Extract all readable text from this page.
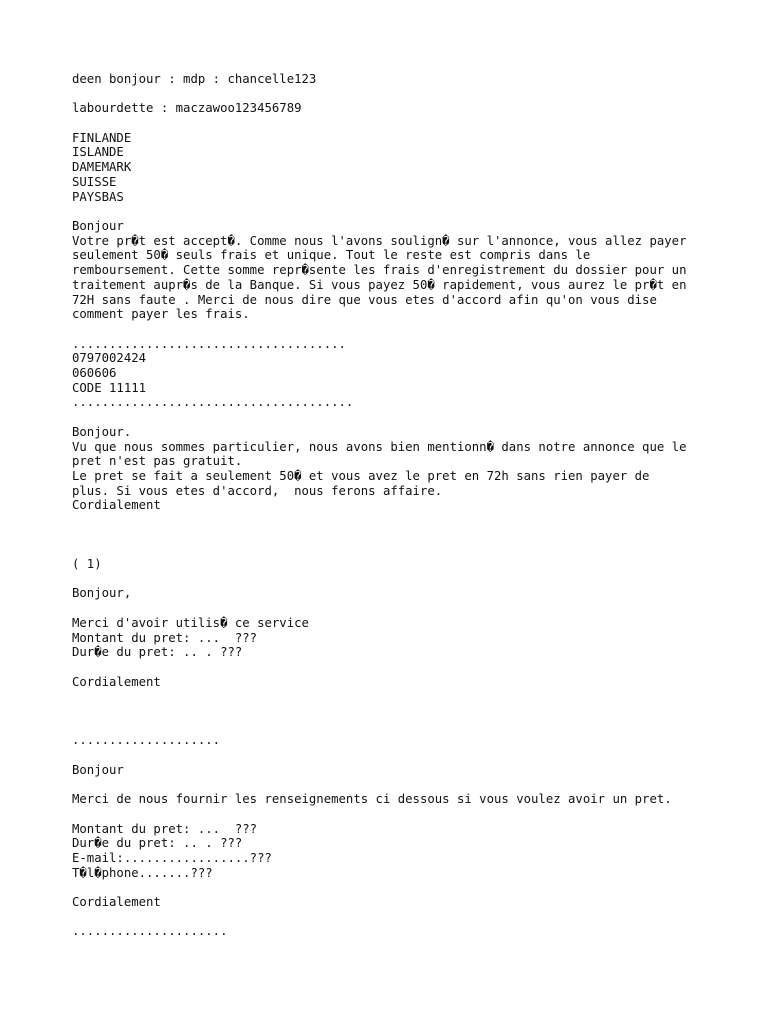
deen bonjour : mdp : chancelle123
labourdette : maczawoo123456789
FINLANDE
ISLANDE
DAMEMARK
SUISSE
PAYSBAS
Bonjour
Votre pr�t est accept�. Comme nous l'avons soulign� sur l'annonce, vous allez payer
seulement 50� seuls frais et unique. Tout le reste est compris dans le
remboursement. Cette somme repr�sente les frais d'enregistrement du dossier pour un
traitement aupr�s de la Banque. Si vous payez 50� rapidement, vous aurez le pr�t en
72H sans faute . Merci de nous dire que vous etes d'accord afin qu'on vous dise
comment payer les frais.
.....................................
0797002424
060606
CODE 11111
......................................
Bonjour.
Vu que nous sommes particulier, nous avons bien mentionn� dans notre annonce que le
pret n'est pas gratuit.
Le pret se fait a seulement 50� et vous avez le pret en 72h sans rien payer de
plus. Si vous etes d'accord,  nous ferons affaire.
Cordialement
( 1)
Bonjour,
Merci d'avoir utilis� ce service
Montant du pret: ...  ???
Dur�e du pret: .. . ???
Cordialement
....................
Bonjour
Merci de nous fournir les renseignements ci dessous si vous voulez avoir un pret.
Montant du pret: ...  ???
Dur�e du pret: .. . ???
E-mail:.................???
T�l�phone.......???
Cordialement
.....................
